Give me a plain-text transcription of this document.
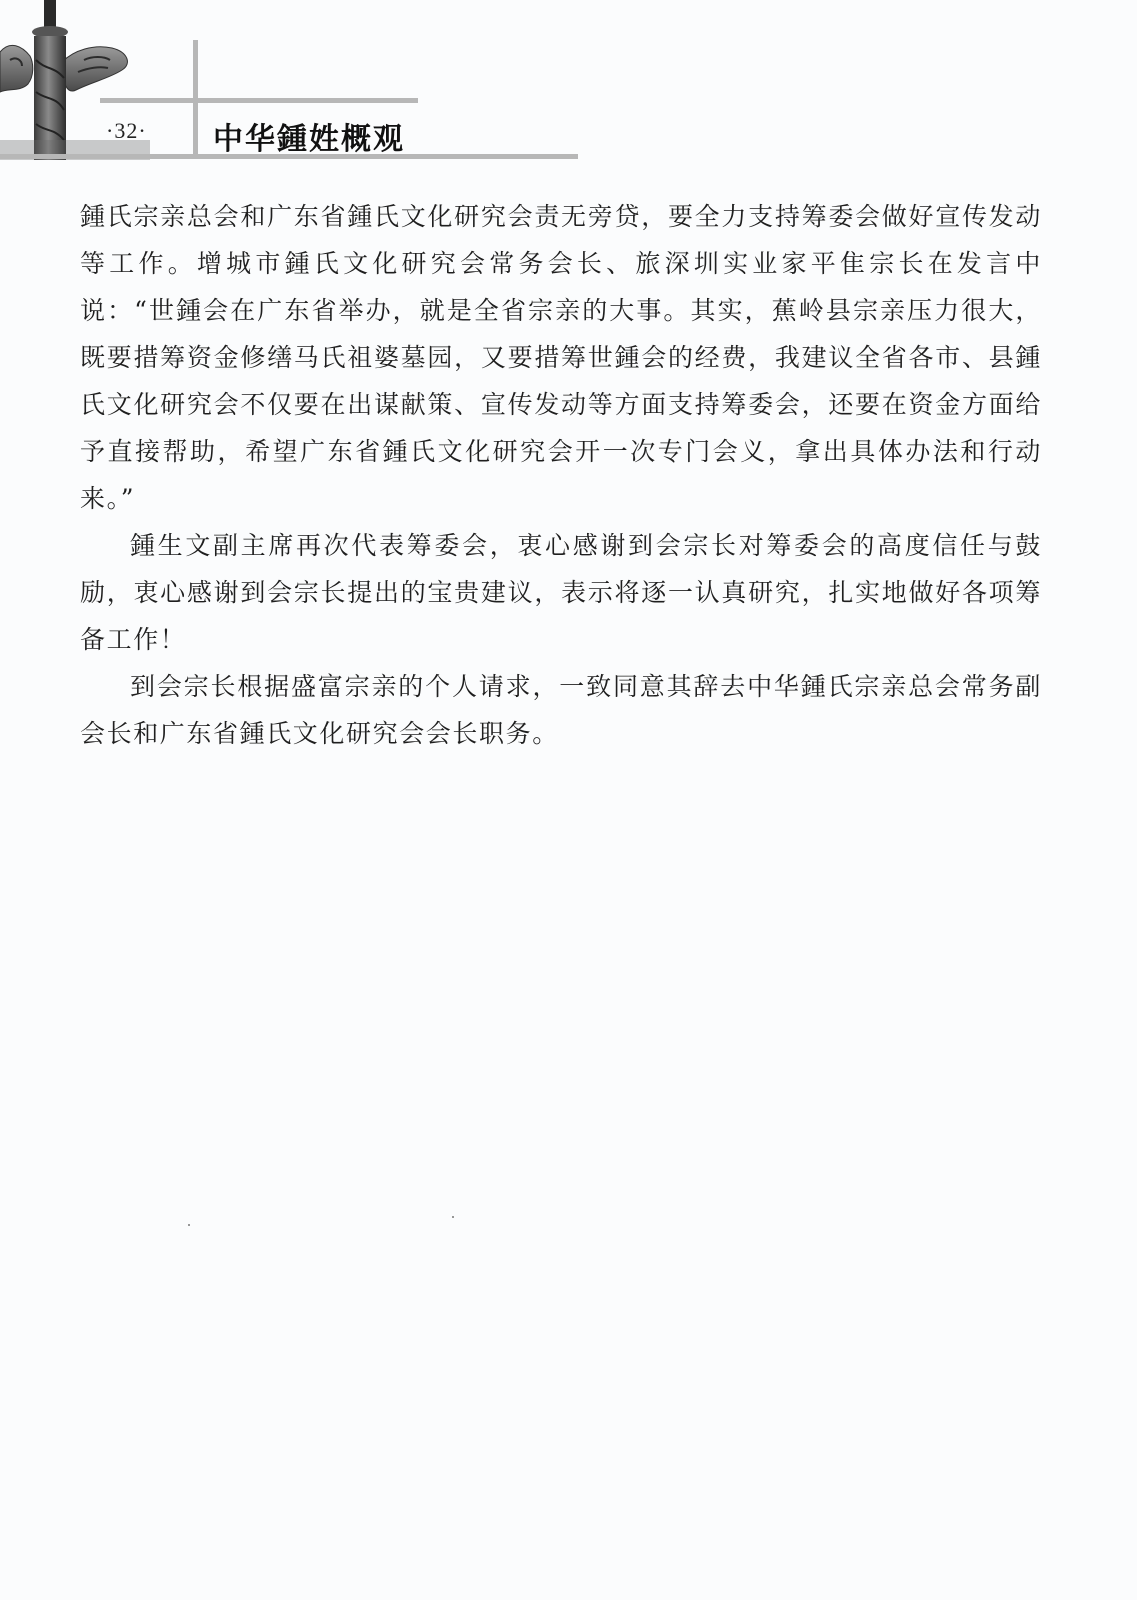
·32· 中华鍾姓概观

鍾氏宗亲总会和广东省鍾氏文化研究会责无旁贷，要全力支持筹委会做好宣传发动等工作。增城市鍾氏文化研究会常务会长、旅深圳实业家平隹宗长在发言中说：“世鍾会在广东省举办，就是全省宗亲的大事。其实，蕉岭县宗亲压力很大，既要措筹资金修缮马氏祖婆墓园，又要措筹世鍾会的经费，我建议全省各市、县鍾氏文化研究会不仅要在出谋献策、宣传发动等方面支持筹委会，还要在资金方面给予直接帮助，希望广东省鍾氏文化研究会开一次专门会义，拿出具体办法和行动来。”

鍾生文副主席再次代表筹委会，衷心感谢到会宗长对筹委会的高度信任与鼓励，衷心感谢到会宗长提出的宝贵建议，表示将逐一认真研究，扎实地做好各项筹备工作！

到会宗长根据盛富宗亲的个人请求，一致同意其辞去中华鍾氏宗亲总会常务副会长和广东省鍾氏文化研究会会长职务。
